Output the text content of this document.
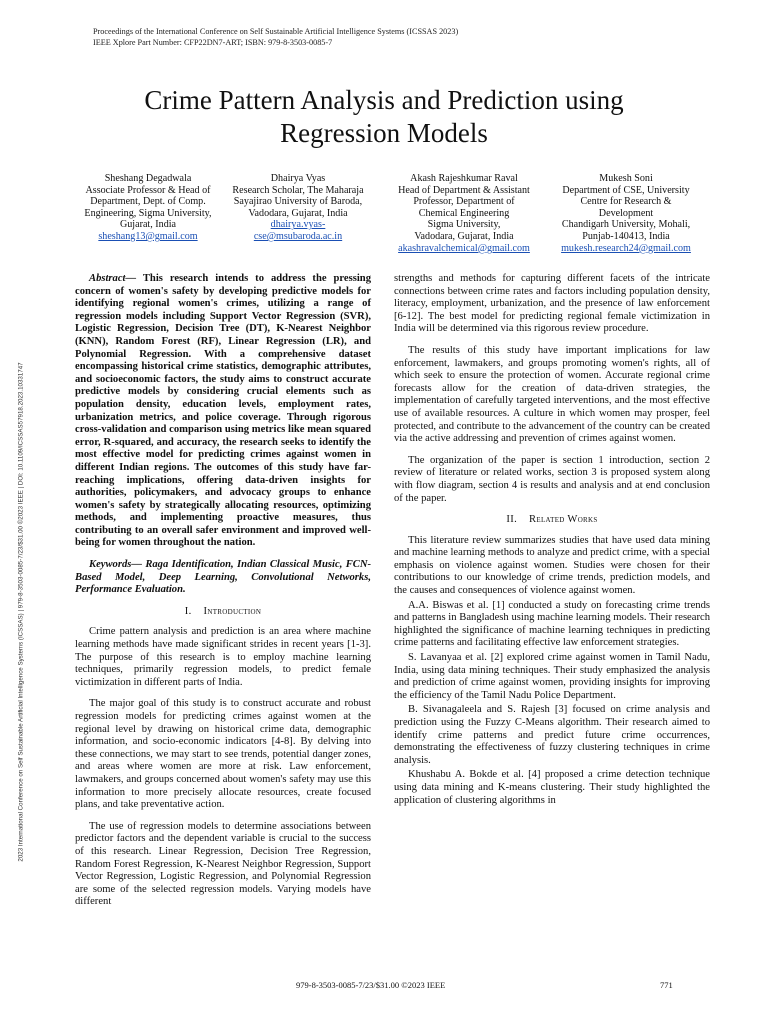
Proceedings of the International Conference on Self Sustainable Artificial Intelligence Systems (ICSSAS 2023)
IEEE Xplore Part Number: CFP22DN7-ART; ISBN: 979-8-3503-0085-7
Crime Pattern Analysis and Prediction using
Regression Models
Sheshang Degadwala
Associate Professor & Head of
Department, Dept. of Comp.
Engineering, Sigma University,
Gujarat, India
sheshang13@gmail.com
Dhairya Vyas
Research Scholar, The Maharaja
Sayajirao University of Baroda,
Vadodara, Gujarat, India
dhairya.vyas-
cse@msubaroda.ac.in
Akash Rajeshkumar Raval
Head of Department & Assistant
Professor, Department of
Chemical Engineering
Sigma University,
Vadodara, Gujarat, India
akashravalchemical@gmail.com
Mukesh Soni
Department of CSE, University
Centre for Research &
Development
Chandigarh University, Mohali,
Punjab-140413, India
mukesh.research24@gmail.com
2023 International Conference on Self Sustainable Artificial Intelligence Systems (ICSSAS) | 979-8-3503-0085-7/23/$31.00 ©2023 IEEE | DOI: 10.1109/ICSSAS57918.2023.10331747

Abstract— This research intends to address the pressing concern of women's safety by developing predictive models for identifying regional women's crimes, utilizing a range of regression models including Support Vector Regression (SVR), Logistic Regression, Decision Tree (DT), K-Nearest Neighbor (KNN), Random Forest (RF), Linear Regression (LR), and Polynomial Regression. With a comprehensive dataset encompassing historical crime statistics, demographic attributes, and socioeconomic factors, the study aims to construct accurate predictive models by considering crucial elements such as population density, education levels, employment rates, urbanization metrics, and police coverage. Through rigorous cross-validation and comparison using metrics like mean squared error, R-squared, and accuracy, the research seeks to identify the most effective model for predicting crimes against women in different Indian regions. The outcomes of this study have far-reaching implications, offering data-driven insights for authorities, policymakers, and advocacy groups to enhance women's safety by strategically allocating resources, optimizing methods, and implementing proactive measures, thus contributing to an overall safer environment and improved well-being for women throughout the nation.

Keywords— Raga Identification, Indian Classical Music, FCN-Based Model, Deep Learning, Convolutional Networks, Performance Evaluation.

I. Introduction

Crime pattern analysis and prediction is an area where machine learning methods have made significant strides in recent years [1-3]. The purpose of this research is to employ machine learning techniques, primarily regression models, to predict female victimization in different parts of India.

The major goal of this study is to construct accurate and robust regression models for predicting crimes against women at the regional level by drawing on historical crime data, demographic information, and socio-economic indicators [4-8]. By delving into these connections, we may start to see trends, potential danger zones, and areas where women are more at risk. Law enforcement, lawmakers, and groups concerned about women's safety may use this information to more precisely allocate resources, create focused plans, and take preventative action.

The use of regression models to determine associations between predictor factors and the dependent variable is crucial to the success of this research. Linear Regression, Decision Tree Regression, Random Forest Regression, K-Nearest Neighbor Regression, Support Vector Regression, Logistic Regression, and Polynomial Regression are some of the selected regression models. Varying models have different

strengths and methods for capturing different facets of the intricate connections between crime rates and factors including population density, literacy, employment, urbanization, and the presence of law enforcement [6-12]. The best model for predicting regional female victimization in India will be determined via this rigorous review procedure.

The results of this study have important implications for law enforcement, lawmakers, and groups promoting women's rights, all of which seek to ensure the protection of women. Accurate regional crime forecasts allow for the creation of data-driven strategies, the implementation of carefully targeted interventions, and the most effective use of available resources. A culture in which women may prosper, feel protected, and contribute to the advancement of the country can be created via the active addressing and prevention of crimes against women.

The organization of the paper is section 1 introduction, section 2 review of literature or related works, section 3 is proposed system along with flow diagram, section 4 is results and analysis and at end conclusion of the paper.

II. Related Works

This literature review summarizes studies that have used data mining and machine learning methods to analyze and predict crime, with a special emphasis on violence against women. Studies were chosen for their contributions to our knowledge of crime trends, prediction models, and the causes and consequences of violence against women.

A.A. Biswas et al. [1] conducted a study on forecasting crime trends and patterns in Bangladesh using machine learning models. Their research highlighted the significance of machine learning techniques in predicting crime patterns and facilitating effective law enforcement strategies.

S. Lavanyaa et al. [2] explored crime against women in Tamil Nadu, India, using data mining techniques. Their study emphasized the analysis and prediction of crime against women, providing insights for improving the efficiency of the Tamil Nadu Police Department.

B. Sivanagaleela and S. Rajesh [3] focused on crime analysis and prediction using the Fuzzy C-Means algorithm. Their research aimed to identify crime patterns and predict future crime occurrences, demonstrating the effectiveness of fuzzy clustering techniques in crime analysis.

Khushabu A. Bokde et al. [4] proposed a crime detection technique using data mining and K-means clustering. Their study highlighted the application of clustering algorithms in

979-8-3503-0085-7/23/$31.00 ©2023 IEEE	771
